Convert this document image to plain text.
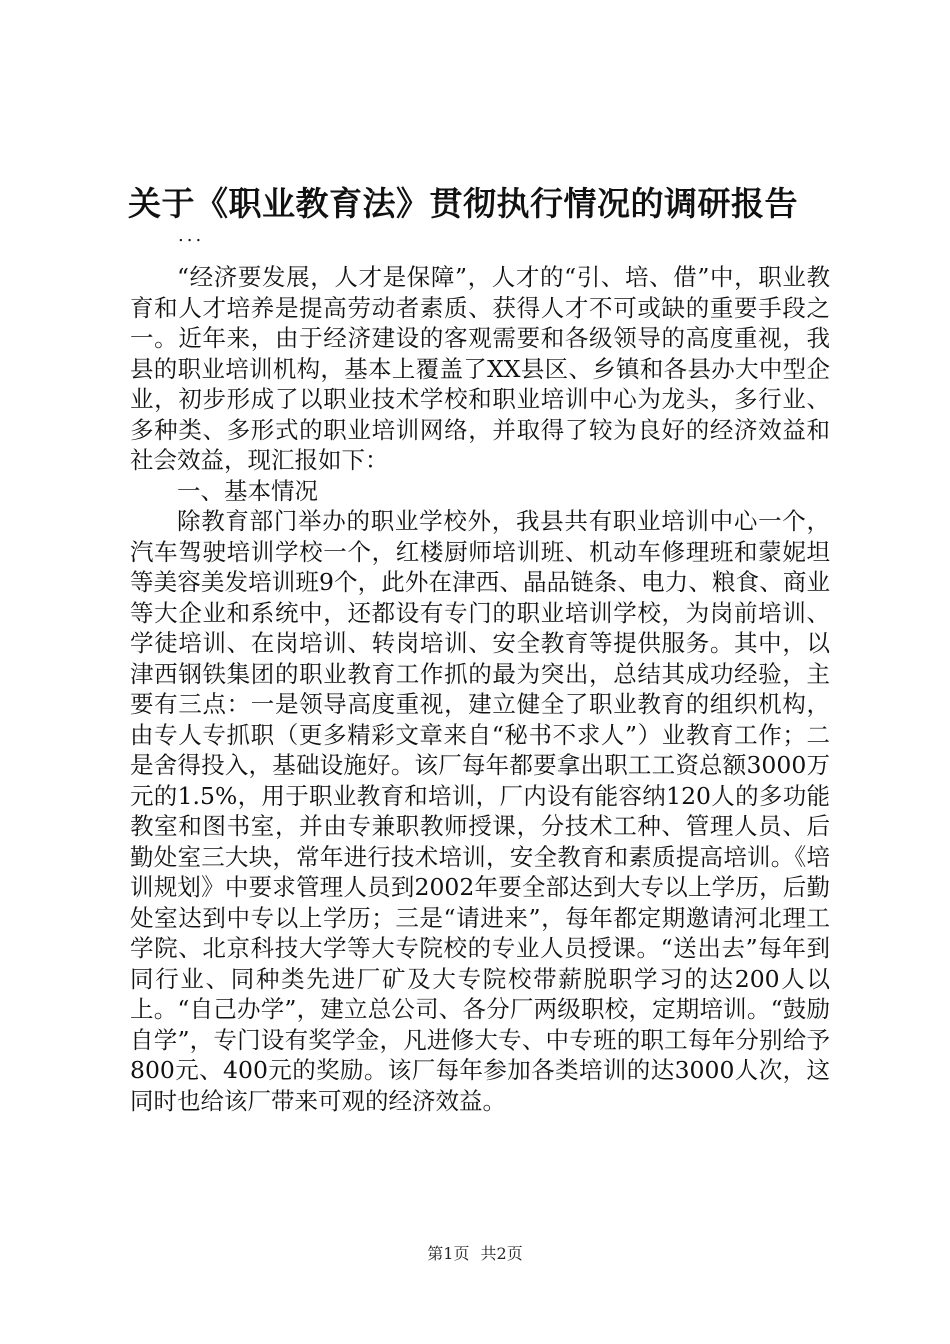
关于《职业教育法》贯彻执行情况的调研报告
...

“经济要发展，人才是保障”，人才的“引、培、借”中，职业教育和人才培养是提高劳动者素质、获得人才不可或缺的重要手段之一。近年来，由于经济建设的客观需要和各级领导的高度重视，我县的职业培训机构，基本上覆盖了XX县区、乡镇和各县办大中型企业，初步形成了以职业技术学校和职业培训中心为龙头，多行业、多种类、多形式的职业培训网络，并取得了较为良好的经济效益和社会效益，现汇报如下：

一、基本情况

除教育部门举办的职业学校外，我县共有职业培训中心一个，汽车驾驶培训学校一个，红楼厨师培训班、机动车修理班和蒙妮坦等美容美发培训班9个，此外在津西、晶品链条、电力、粮食、商业等大企业和系统中，还都设有专门的职业培训学校，为岗前培训、学徒培训、在岗培训、转岗培训、安全教育等提供服务。其中，以津西钢铁集团的职业教育工作抓的最为突出，总结其成功经验，主要有三点：一是领导高度重视，建立健全了职业教育的组织机构，由专人专抓职（更多精彩文章来自“秘书不求人”）业教育工作；二是舍得投入，基础设施好。该厂每年都要拿出职工工资总额3000万元的1.5%，用于职业教育和培训，厂内设有能容纳120人的多功能教室和图书室，并由专兼职教师授课，分技术工种、管理人员、后勤处室三大块，常年进行技术培训，安全教育和素质提高培训。《培训规划》中要求管理人员到2002年要全部达到大专以上学历，后勤处室达到中专以上学历；三是“请进来”，每年都定期邀请河北理工学院、北京科技大学等大专院校的专业人员授课。“送出去”每年到同行业、同种类先进厂矿及大专院校带薪脱职学习的达200人以上。“自己办学”，建立总公司、各分厂两级职校，定期培训。“鼓励自学”，专门设有奖学金，凡进修大专、中专班的职工每年分别给予800元、400元的奖励。该厂每年参加各类培训的达3000人次，这同时也给该厂带来可观的经济效益。

第1页 共2页
